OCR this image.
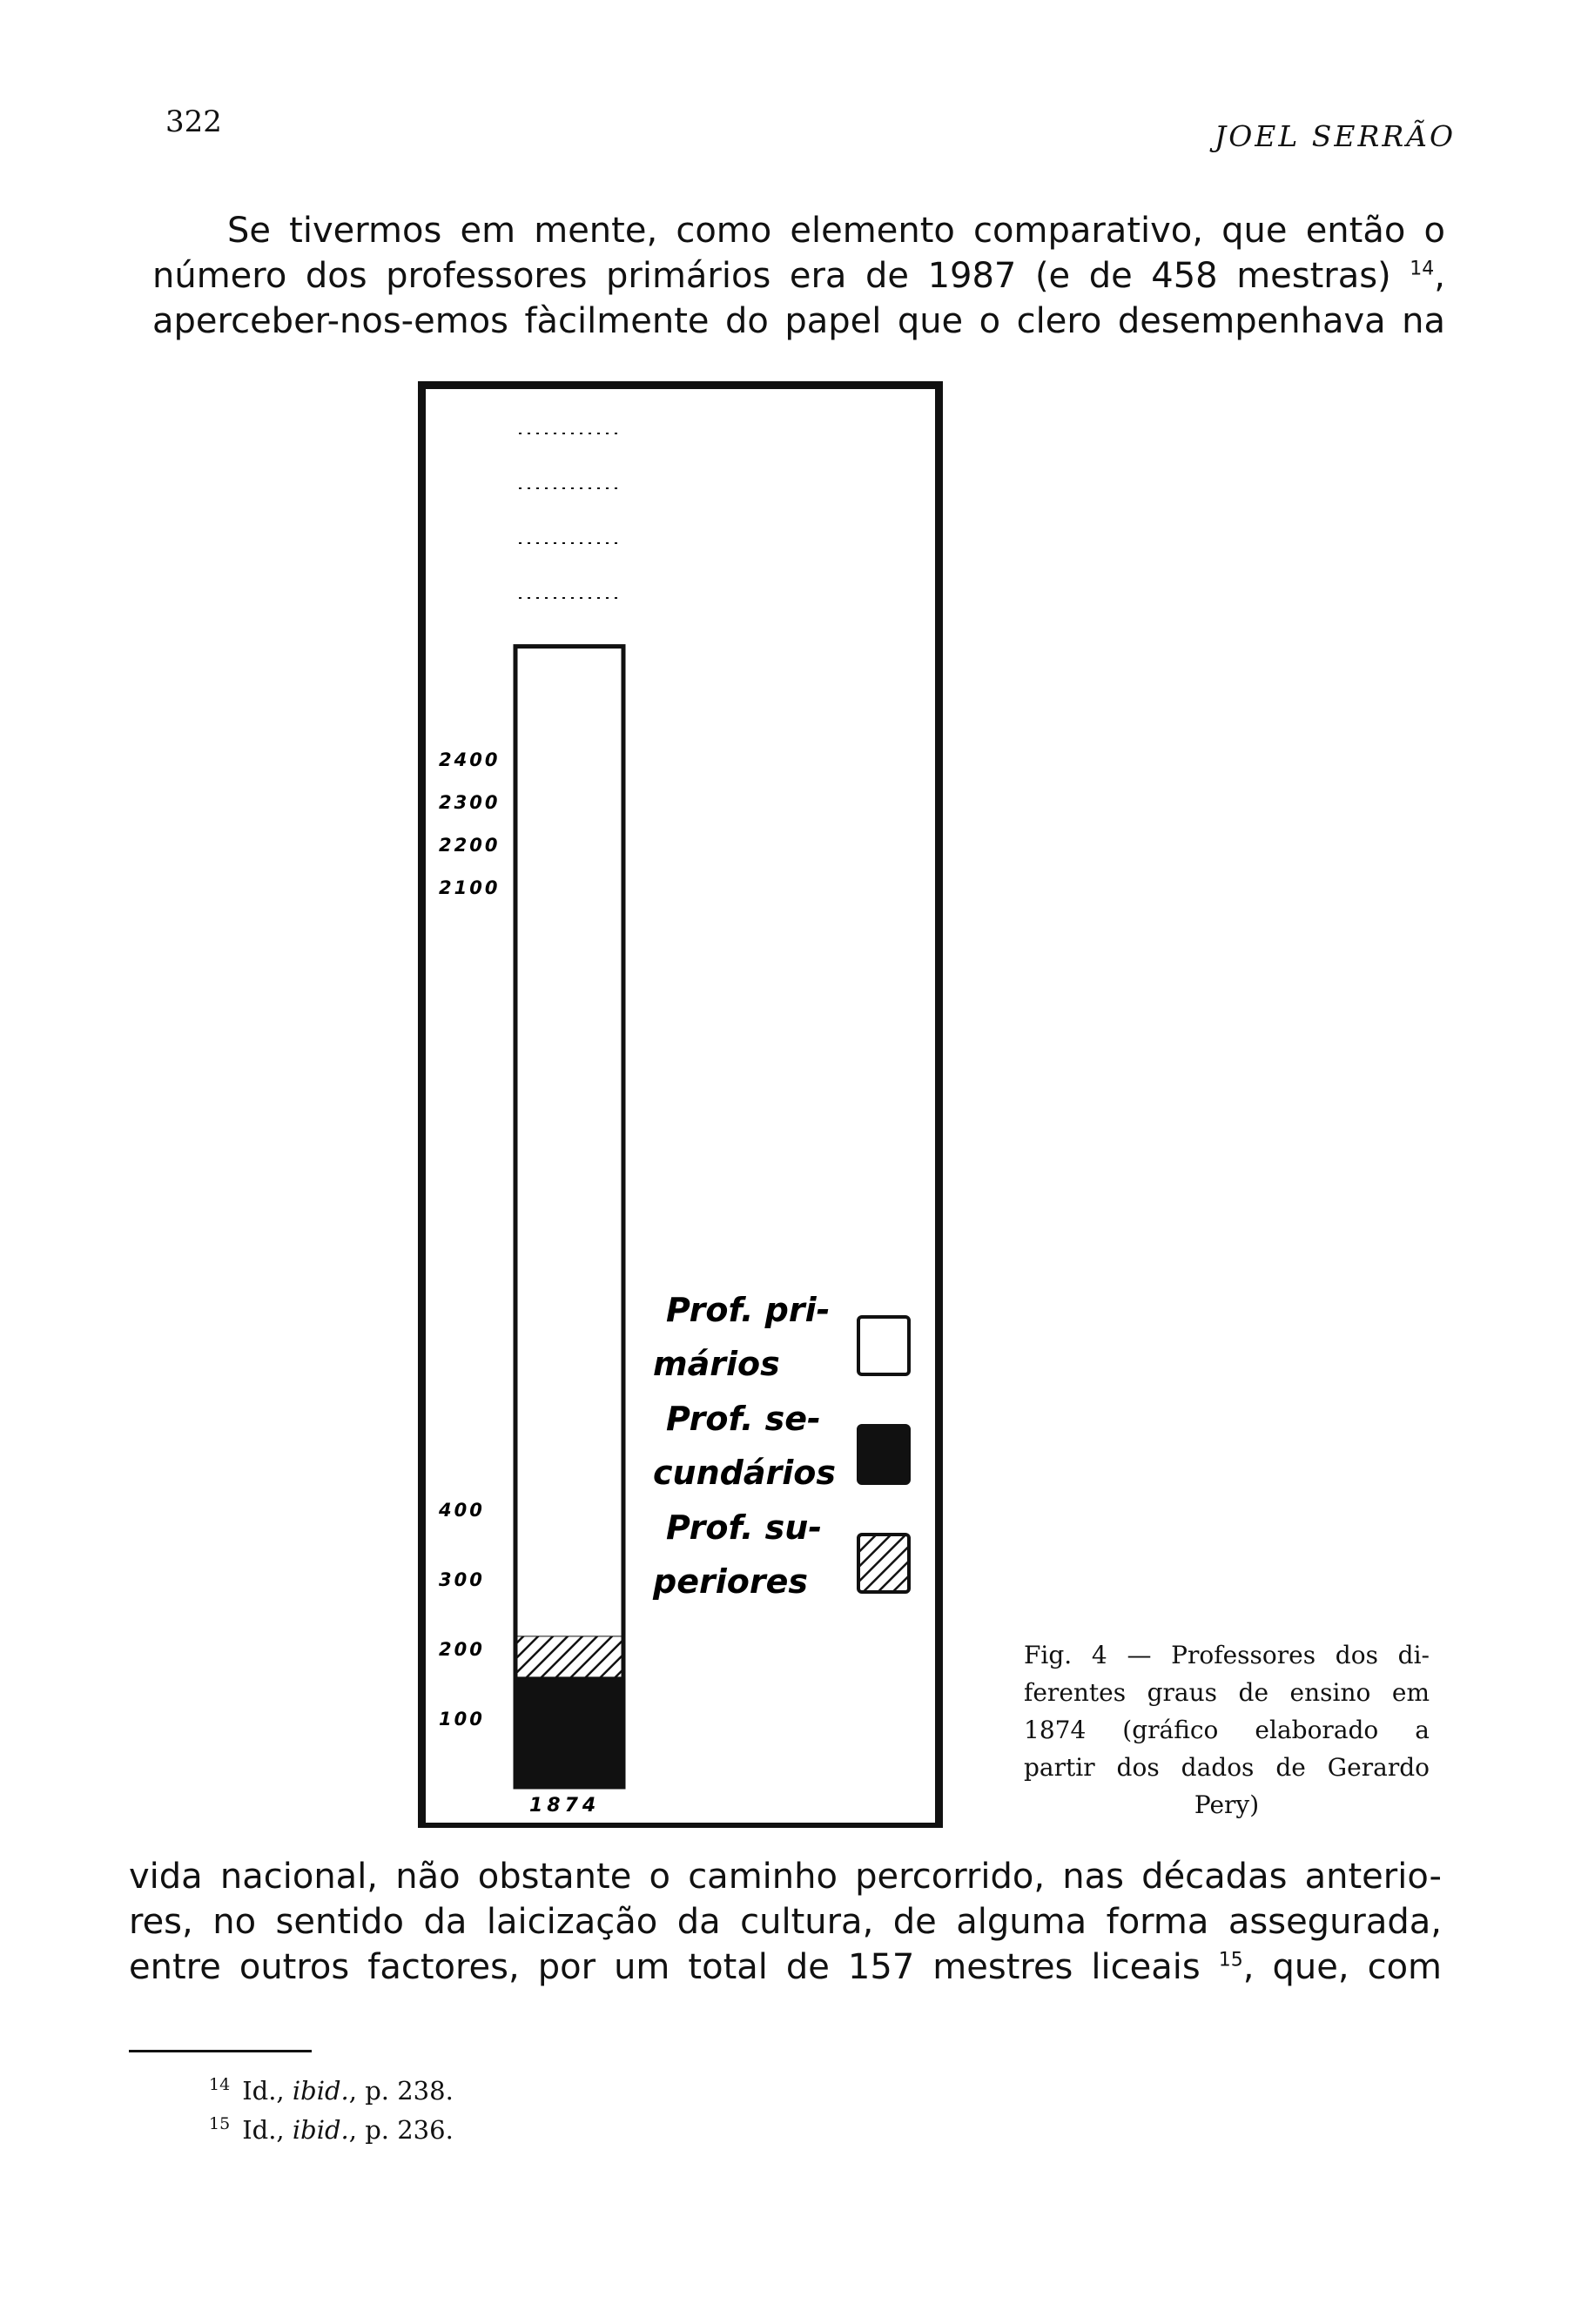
322	JOEL SERRÃO
Se tivermos em mente, como elemento comparativo, que então o
número dos professores primários era de 1987 (e de 458 mestras) $^{14}$,
aperceber-nos-emos fàcilmente do papel que o clero desempenhava na
2400
2300
2200
2100
400
300
200
100
1874
Prof. pri-
mários
Prof. se-
cundários
Prof. su-
periores
Fig. 4 — Professores dos di-
ferentes graus de ensino em
1874 (gráfico elaborado a
partir dos dados de Gerardo
Pery)
vida nacional, não obstante o caminho percorrido, nas décadas anterio-
res, no sentido da laicização da cultura, de alguma forma assegurada,
entre outros factores, por um total de 157 mestres liceais $^{15}$, que, com
$^{14}$ Id., ibid., p. 238.
$^{15}$ Id., ibid., p. 236.
